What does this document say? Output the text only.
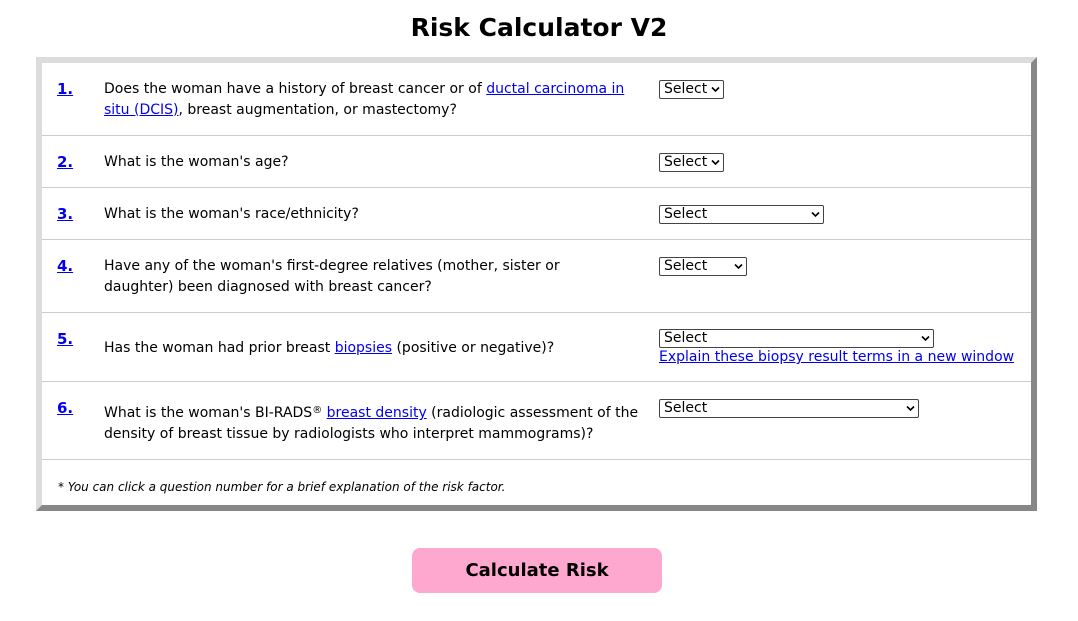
Risk Calculator V2
1. Does the woman have a history of breast cancer or of ductal carcinoma in situ (DCIS), breast augmentation, or mastectomy?
Select
2. What is the woman's age?	Select
3. What is the woman's race/ethnicity?	Select
4. Have any of the woman's first-degree relatives (mother, sister or daughter) been diagnosed with breast cancer?
Select
5. Has the woman had prior breast biopsies (positive or negative)?
Select
Explain these biopsy result terms in a new window
6. What is the woman's BI-RADS® breast density (radiologic assessment of the density of breast tissue by radiologists who interpret mammograms)?
Select
* You can click a question number for a brief explanation of the risk factor.
Calculate Risk
